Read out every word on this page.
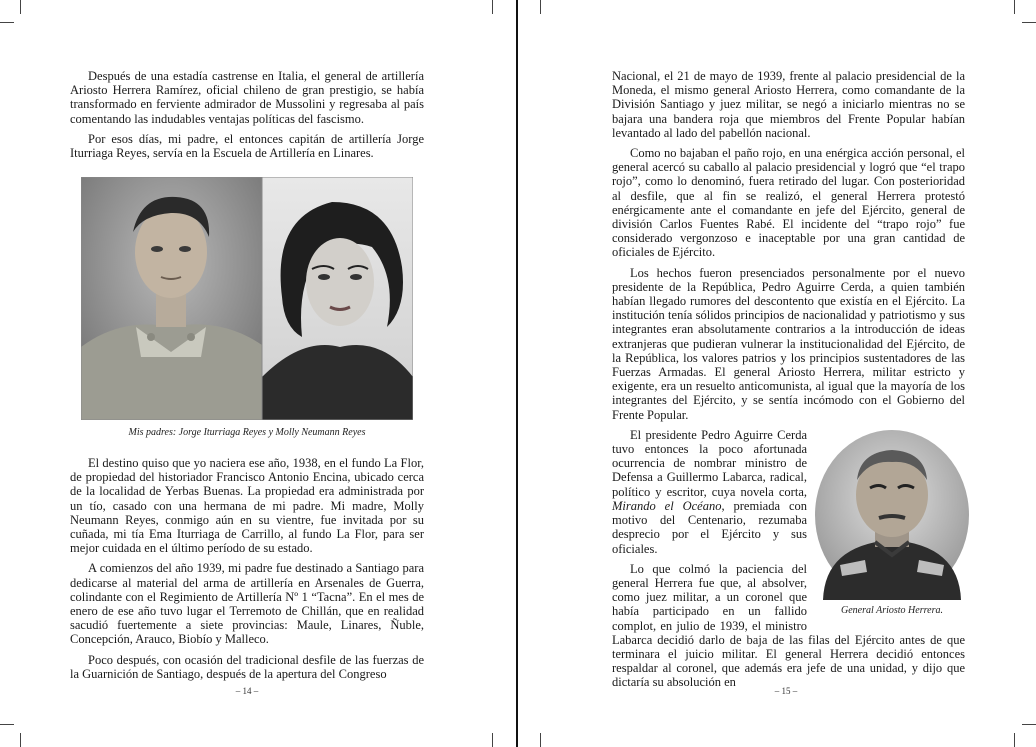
Después de una estadía castrense en Italia, el general de artillería Ariosto Herrera Ramírez, oficial chileno de gran prestigio, se había transformado en ferviente admirador de Mussolini y regresaba al país comentando las indudables ventajas políticas del fascismo.

Por esos días, mi padre, el entonces capitán de artillería Jorge Iturriaga Reyes, servía en la Escuela de Artillería en Linares.

Mis padres: Jorge Iturriaga Reyes y Molly Neumann Reyes

El destino quiso que yo naciera ese año, 1938, en el fundo La Flor, de propiedad del historiador Francisco Antonio Encina, ubicado cerca de la localidad de Yerbas Buenas. La propiedad era administrada por un tío, casado con una hermana de mi padre. Mi madre, Molly Neumann Reyes, conmigo aún en su vientre, fue invitada por su cuñada, mi tía Ema Iturriaga de Carrillo, al fundo La Flor, para ser mejor cuidada en el último período de su estado.

A comienzos del año 1939, mi padre fue destinado a Santiago para dedicarse al material del arma de artillería en Arsenales de Guerra, colindante con el Regimiento de Artillería Nº 1 “Tacna”. En el mes de enero de ese año tuvo lugar el Terremoto de Chillán, que en realidad sacudió fuertemente a siete provincias: Maule, Linares, Ñuble, Concepción, Arauco, Biobío y Malleco.

Poco después, con ocasión del tradicional desfile de las fuerzas de la Guarnición de Santiago, después de la apertura del Congreso

– 14 –

Nacional, el 21 de mayo de 1939, frente al palacio presidencial de la Moneda, el mismo general Ariosto Herrera, como comandante de la División Santiago y juez militar, se negó a iniciarlo mientras no se bajara una bandera roja que miembros del Frente Popular habían levantado al lado del pabellón nacional.

Como no bajaban el paño rojo, en una enérgica acción personal, el general acercó su caballo al palacio presidencial y logró que “el trapo rojo”, como lo denominó, fuera retirado del lugar. Con posterioridad al desfile, que al fin se realizó, el general Herrera protestó enérgicamente ante el comandante en jefe del Ejército, general de división Carlos Fuentes Rabé. El incidente del “trapo rojo” fue considerado vergonzoso e inaceptable por una gran cantidad de oficiales de Ejército.

Los hechos fueron presenciados personalmente por el nuevo presidente de la República, Pedro Aguirre Cerda, a quien también habían llegado rumores del descontento que existía en el Ejército. La institución tenía sólidos principios de nacionalidad y patriotismo y sus integrantes eran absolutamente contrarios a la introducción de ideas extranjeras que pudieran vulnerar la institucionalidad del Ejército, de la República, los valores patrios y los principios sustentadores de las Fuerzas Armadas. El general Ariosto Herrera, militar estricto y exigente, era un resuelto anticomunista, al igual que la mayoría de los integrantes del Ejército, y se sentía incómodo con el Gobierno del Frente Popular.

General Ariosto Herrera.

El presidente Pedro Aguirre Cerda tuvo entonces la poco afortunada ocurrencia de nombrar ministro de Defensa a Guillermo Labarca, radical, político y escritor, cuya novela corta, Mirando el Océano, premiada con motivo del Centenario, rezumaba desprecio por el Ejército y sus oficiales.

Lo que colmó la paciencia del general Herrera fue que, al absolver, como juez militar, a un coronel que había participado en un fallido complot, en julio de 1939, el ministro Labarca decidió darlo de baja de las filas del Ejército antes de que terminara el juicio militar. El general Herrera decidió entonces respaldar al coronel, que además era jefe de una unidad, y dijo que dictaría su absolución en

– 15 –
